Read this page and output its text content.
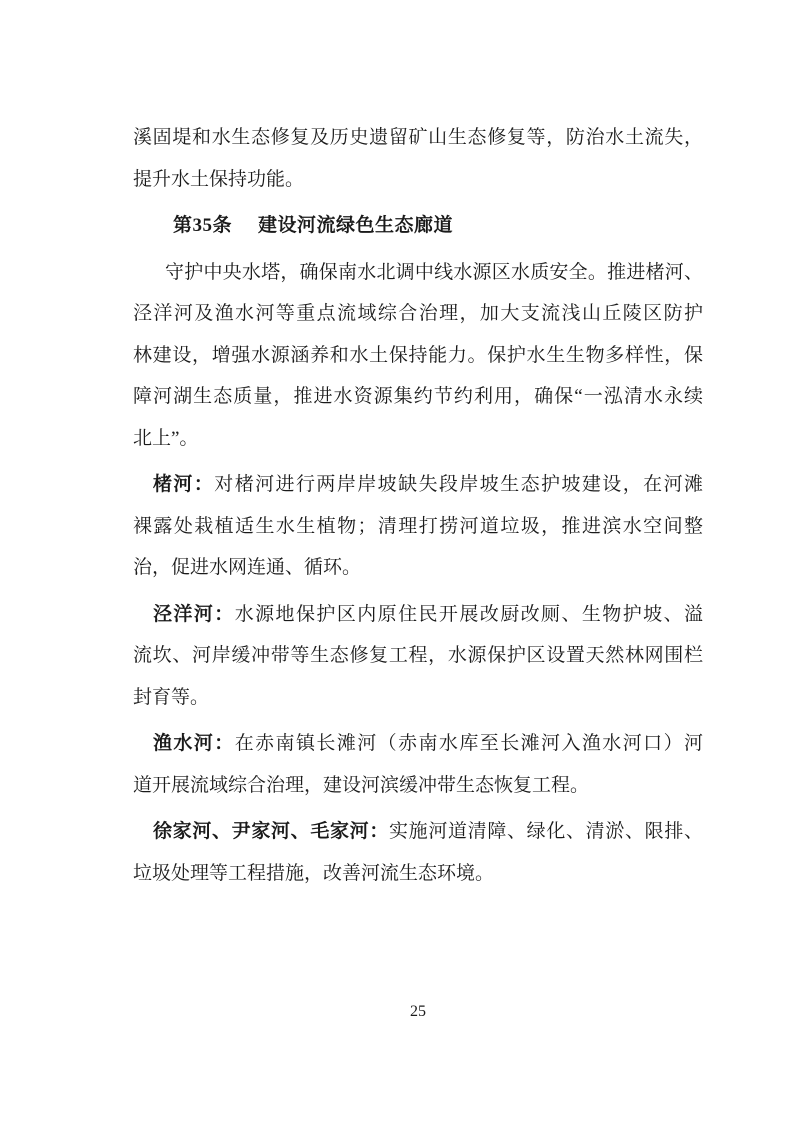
溪固堤和水生态修复及历史遗留矿山生态修复等，防治水土流失，
提升水土保持功能。
第35条 建设河流绿色生态廊道
守护中央水塔，确保南水北调中线水源区水质安全。推进楮河、
泾洋河及渔水河等重点流域综合治理，加大支流浅山丘陵区防护
林建设，增强水源涵养和水土保持能力。保护水生生物多样性，保
障河湖生态质量，推进水资源集约节约利用，确保“一泓清水永续
北上”。
楮河：对楮河进行两岸岸坡缺失段岸坡生态护坡建设，在河滩
裸露处栽植适生水生植物；清理打捞河道垃圾，推进滨水空间整
治，促进水网连通、循环。
泾洋河：水源地保护区内原住民开展改厨改厕、生物护坡、溢
流坎、河岸缓冲带等生态修复工程，水源保护区设置天然林网围栏
封育等。
渔水河：在赤南镇长滩河（赤南水库至长滩河入渔水河口）河
道开展流域综合治理，建设河滨缓冲带生态恢复工程。
徐家河、尹家河、毛家河：实施河道清障、绿化、清淤、限排、
垃圾处理等工程措施，改善河流生态环境。
25
